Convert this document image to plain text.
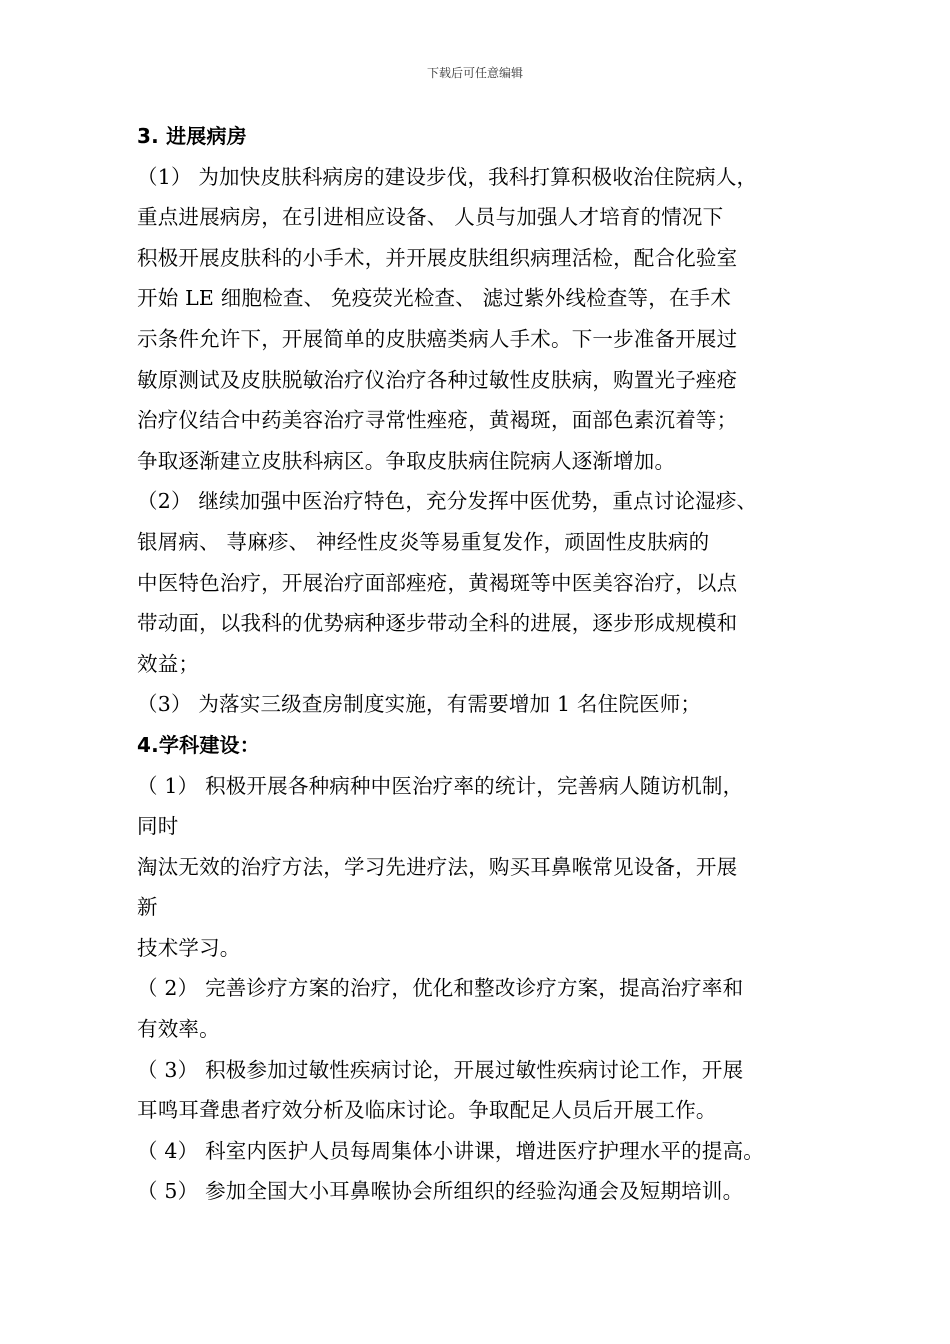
下载后可任意编辑
3. 进展病房
（1） 为加快皮肤科病房的建设步伐，我科打算积极收治住院病人，
重点进展病房，在引进相应设备、 人员与加强人才培育的情况下
积极开展皮肤科的小手术，并开展皮肤组织病理活检，配合化验室
开始 LE 细胞检查、 免疫荧光检查、 滤过紫外线检查等，在手术
示条件允许下，开展简单的皮肤癌类病人手术。下一步准备开展过
敏原测试及皮肤脱敏治疗仪治疗各种过敏性皮肤病，购置光子痤疮
治疗仪结合中药美容治疗寻常性痤疮，黄褐斑，面部色素沉着等；
争取逐渐建立皮肤科病区。争取皮肤病住院病人逐渐增加。
（2） 继续加强中医治疗特色，充分发挥中医优势，重点讨论湿疹、
银屑病、 荨麻疹、 神经性皮炎等易重复发作，顽固性皮肤病的
中医特色治疗，开展治疗面部痤疮，黄褐斑等中医美容治疗，以点
带动面，以我科的优势病种逐步带动全科的进展，逐步形成规模和
效益；
（3） 为落实三级查房制度实施，有需要增加 1 名住院医师；
4.学科建设：
（ 1） 积极开展各种病种中医治疗率的统计，完善病人随访机制，
同时
淘汰无效的治疗方法，学习先进疗法，购买耳鼻喉常见设备，开展
新
技术学习。
（ 2） 完善诊疗方案的治疗，优化和整改诊疗方案，提高治疗率和
有效率。
（ 3） 积极参加过敏性疾病讨论，开展过敏性疾病讨论工作，开展
耳鸣耳聋患者疗效分析及临床讨论。争取配足人员后开展工作。
（ 4） 科室内医护人员每周集体小讲课，增进医疗护理水平的提高。
（ 5） 参加全国大小耳鼻喉协会所组织的经验沟通会及短期培训。
